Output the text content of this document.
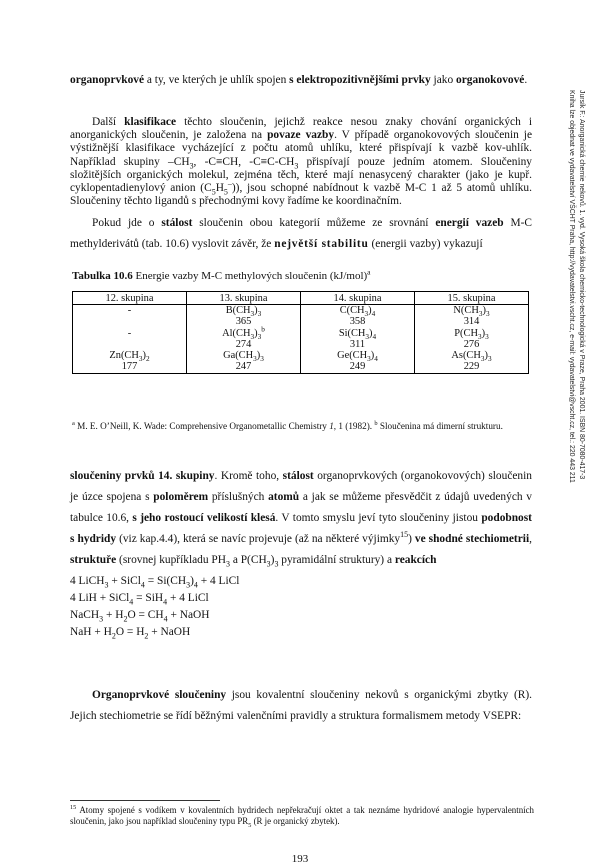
Jursík F.: Anorganická chemie nekovů. 1. vyd. Vysoká škola chemicko-technologická v Praze, Praha 2001. ISBN 80-7080-417-3
Kniha lze objednat ve vydavatelství VŠCHT Praha, http://vydavatelstvi.vscht.cz, e-mail: vydavatelstvi@vscht.cz, tel.: 220 443 211
organoprvkové a ty, ve kterých je uhlík spojen s elektropozitivnějšími prvky jako organokovové.
Další klasifikace těchto sloučenin, jejichž reakce nesou znaky chování organických i anorganických sloučenin, je založena na povaze vazby. V případě organokovových sloučenin je výstižnější klasifikace vycházející z počtu atomů uhlíku, které přispívají k vazbě kov-uhlík. Například skupiny $-CH_3$, -C≡CH, $-C\equiv C-CH_3$ přispívají pouze jedním atomem. Sloučeniny složitějších organických molekul, zejména těch, které mají nenasycený charakter (jako je kupř. cyklopentadienylový anion $(C_5H_5^-)$), jsou schopné nabídnout k vazbě M-C 1 až 5 atomů uhlíku. Sloučeniny těchto ligandů s přechodnými kovy řadíme ke koordinačním.
Pokud jde o stálost sloučenin obou kategorií můžeme ze srovnání energií vazeb M-C methylderivátů (tab. 10.6) vyslovit závěr, že největší stabilitu (energii vazby) vykazují
Tabulka 10.6 Energie vazby M-C methylových sloučenin $(kJ/mol)^a$
12. skupina	13. skupina	14. skupina	15. skupina
-	$B(CH_3)_3$	$C(CH_3)_4$	$N(CH_3)_3$
	365	358	314
-	$Al(CH_3)_3^b$	$Si(CH_3)_4$	$P(CH_3)_3$
	274	311	276
$Zn(CH_3)_2$	$Ga(CH_3)_3$	$Ge(CH_3)_4$	$As(CH_3)_3$
177	247	249	229
$^a$ M. E. O’Neill, K. Wade: Comprehensive Organometallic Chemistry 1, 1 (1982). $^b$ Sloučenina má dimerní strukturu.
sloučeniny prvků 14. skupiny. Kromě toho, stálost organoprvkových (organokovových) sloučenin je úzce spojena s poloměrem příslušných atomů a jak se můžeme přesvědčit z údajů uvedených v tabulce 10.6, s jeho rostoucí velikostí klesá. V tomto smyslu jeví tyto sloučeniny jistou podobnost s hydridy (viz kap.4.4), která se navíc projevuje (až na některé výjimky$^{15}$) ve shodné stechiometrii, struktuře (srovnej kupříkladu $PH_3$ a $P(CH_3)_3$ pyramidální struktury) a reakcích
4 LiCH$_3$ + SiCl$_4$ = $Si(CH_3)_4 + 4$ LiCl
4 LiH + SiCl$_4$ = SiH$_4$ + 4 LiCl
NaCH$_3$ + $H_2O = CH_4$ + NaOH
NaH + $H_2O = H_2$ + NaOH
Organoprvkové sloučeniny jsou kovalentní sloučeniny nekovů s organickými zbytky (R). Jejich stechiometrie se řídí běžnými valenčními pravidly a struktura formalismem metody VSEPR:
$^{15}$ Atomy spojené s vodíkem v kovalentních hydridech nepřekračují oktet a tak neznáme hydridové analogie hypervalentních sloučenin, jako jsou například sloučeniny typu $PR_5$ (R je organický zbytek).
193
